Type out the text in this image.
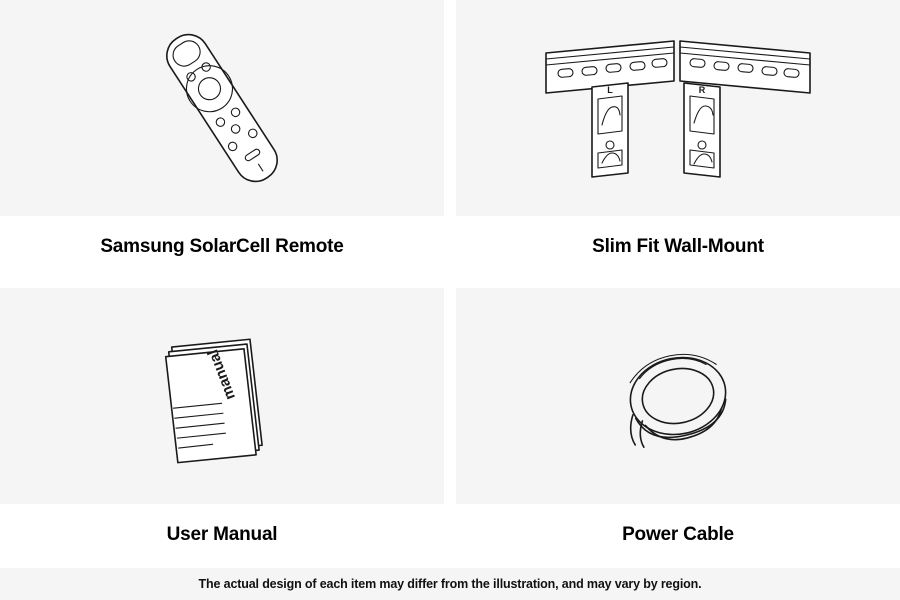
Samsung SolarCell Remote
L	R
Slim Fit Wall-Mount
manual
User Manual	Power Cable
The actual design of each item may differ from the illustration, and may vary by region.
